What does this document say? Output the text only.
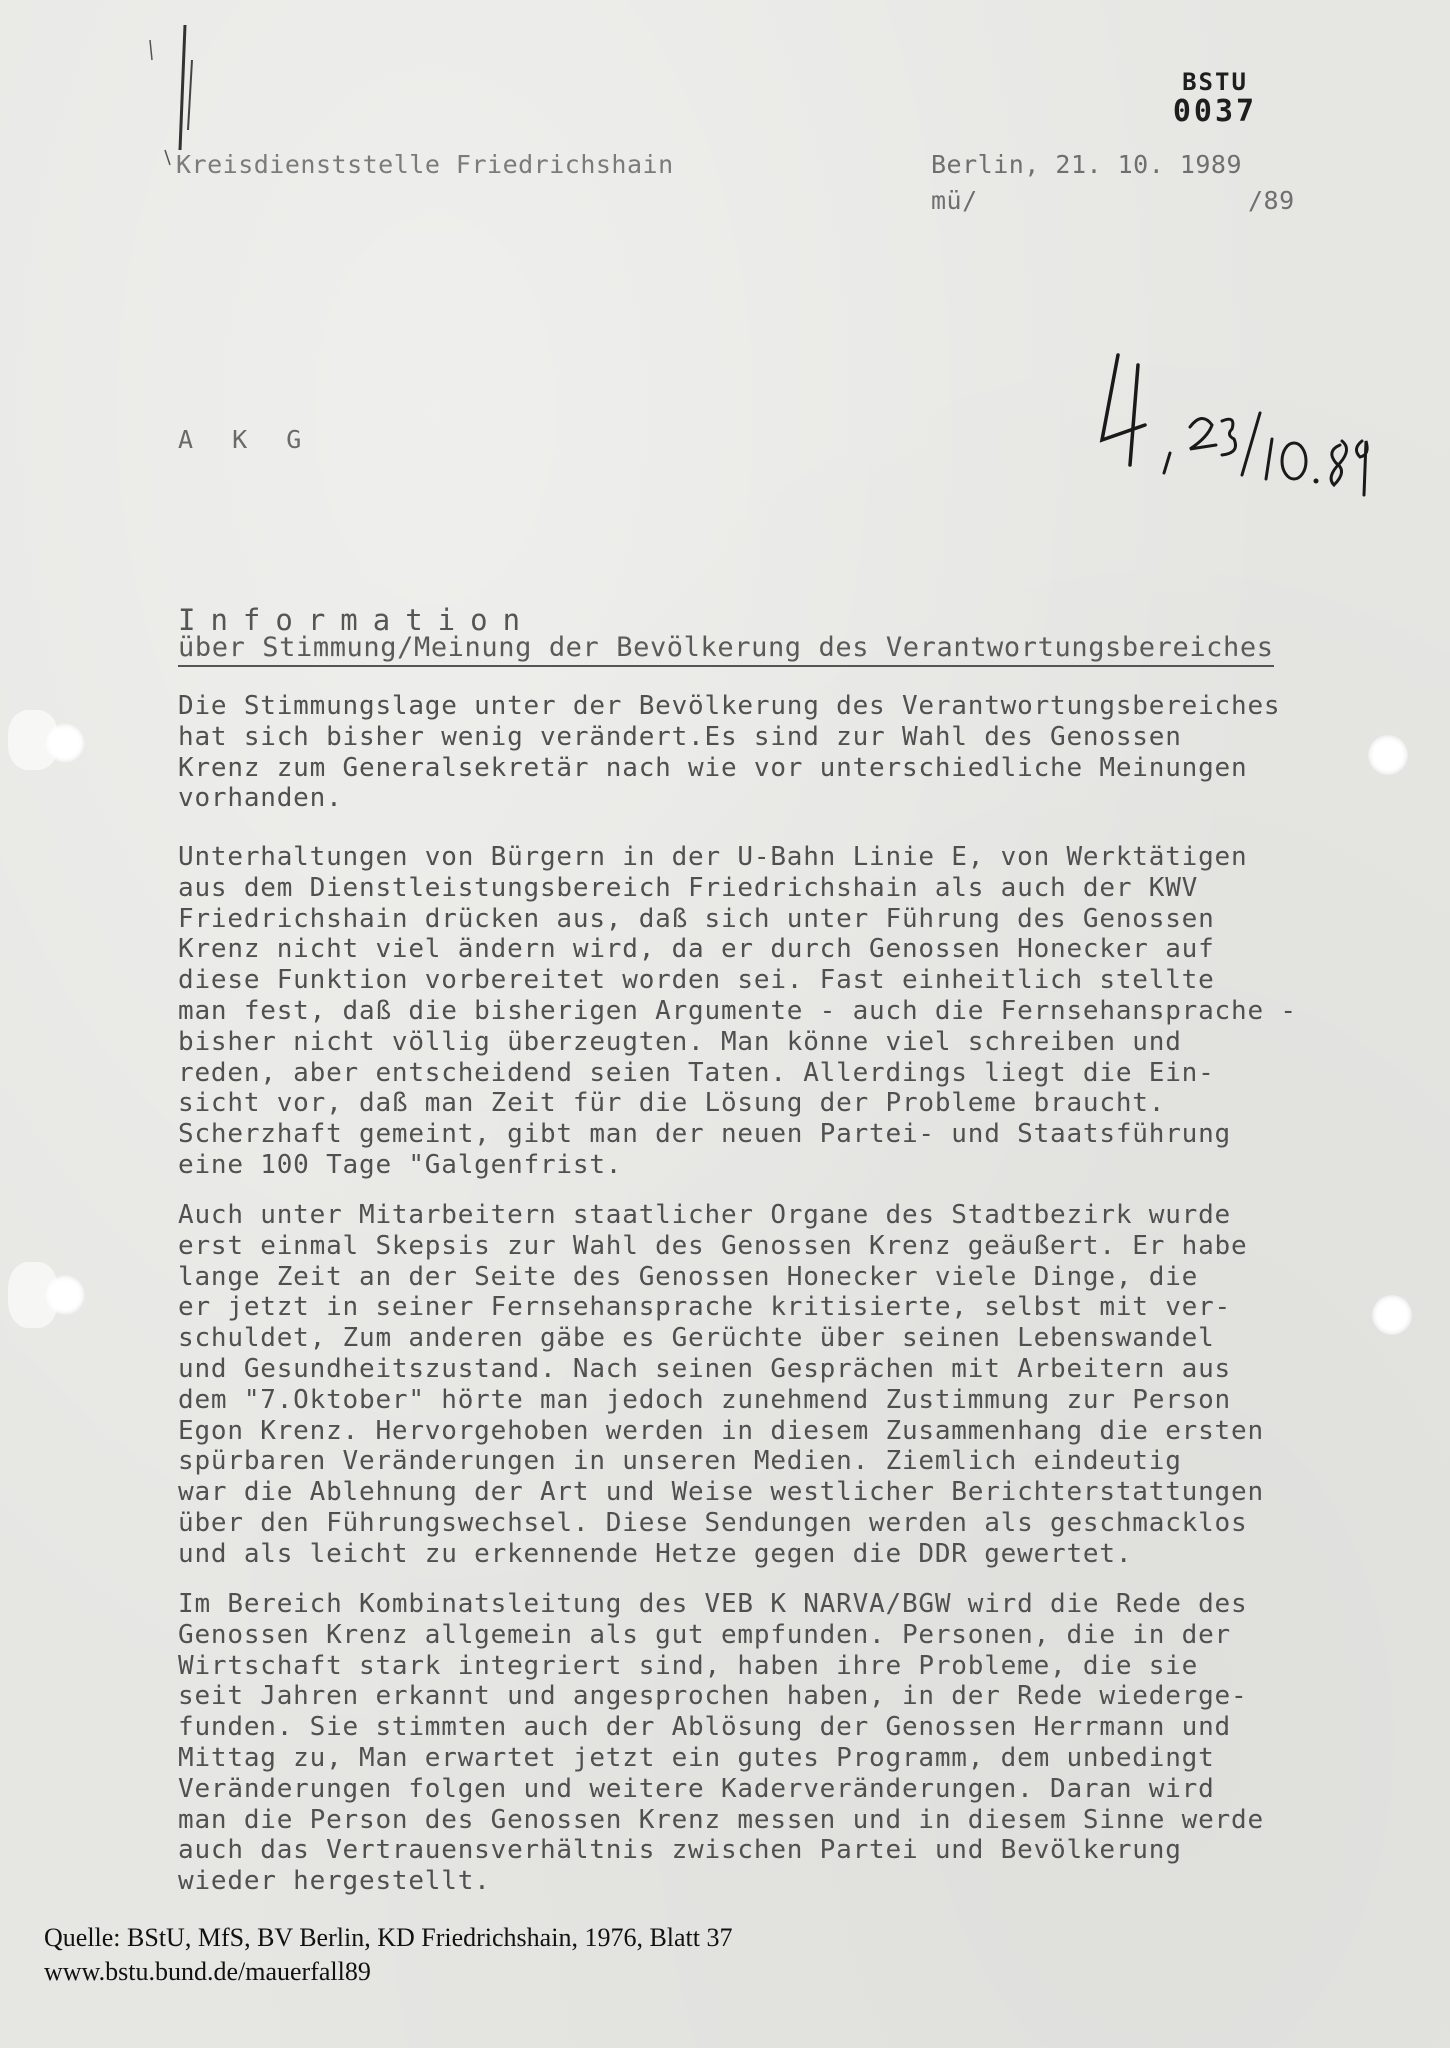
BSTU
0037
Kreisdienststelle Friedrichshain	Berlin, 21. 10. 1989
mü/	/89
A K G
Information
über Stimmung/Meinung der Bevölkerung des Verantwortungsbereiches
Die Stimmungslage unter der Bevölkerung des Verantwortungsbereiches
hat sich bisher wenig verändert.Es sind zur Wahl des Genossen
Krenz zum Generalsekretär nach wie vor unterschiedliche Meinungen
vorhanden.
Unterhaltungen von Bürgern in der U-Bahn Linie E, von Werktätigen
aus dem Dienstleistungsbereich Friedrichshain als auch der KWV
Friedrichshain drücken aus, daß sich unter Führung des Genossen
Krenz nicht viel ändern wird, da er durch Genossen Honecker auf
diese Funktion vorbereitet worden sei. Fast einheitlich stellte
man fest, daß die bisherigen Argumente - auch die Fernsehansprache -
bisher nicht völlig überzeugten. Man könne viel schreiben und
reden, aber entscheidend seien Taten. Allerdings liegt die Ein-
sicht vor, daß man Zeit für die Lösung der Probleme braucht.
Scherzhaft gemeint, gibt man der neuen Partei- und Staatsführung
eine 100 Tage "Galgenfrist.
Auch unter Mitarbeitern staatlicher Organe des Stadtbezirk wurde
erst einmal Skepsis zur Wahl des Genossen Krenz geäußert. Er habe
lange Zeit an der Seite des Genossen Honecker viele Dinge, die
er jetzt in seiner Fernsehansprache kritisierte, selbst mit ver-
schuldet, Zum anderen gäbe es Gerüchte über seinen Lebenswandel
und Gesundheitszustand. Nach seinen Gesprächen mit Arbeitern aus
dem "7.Oktober" hörte man jedoch zunehmend Zustimmung zur Person
Egon Krenz. Hervorgehoben werden in diesem Zusammenhang die ersten
spürbaren Veränderungen in unseren Medien. Ziemlich eindeutig
war die Ablehnung der Art und Weise westlicher Berichterstattungen
über den Führungswechsel. Diese Sendungen werden als geschmacklos
und als leicht zu erkennende Hetze gegen die DDR gewertet.
Im Bereich Kombinatsleitung des VEB K NARVA/BGW wird die Rede des
Genossen Krenz allgemein als gut empfunden. Personen, die in der
Wirtschaft stark integriert sind, haben ihre Probleme, die sie
seit Jahren erkannt und angesprochen haben, in der Rede wiederge-
funden. Sie stimmten auch der Ablösung der Genossen Herrmann und
Mittag zu, Man erwartet jetzt ein gutes Programm, dem unbedingt
Veränderungen folgen und weitere Kaderveränderungen. Daran wird
man die Person des Genossen Krenz messen und in diesem Sinne werde
auch das Vertrauensverhältnis zwischen Partei und Bevölkerung
wieder hergestellt.
Quelle: BStU, MfS, BV Berlin, KD Friedrichshain, 1976, Blatt 37
www.bstu.bund.de/mauerfall89
